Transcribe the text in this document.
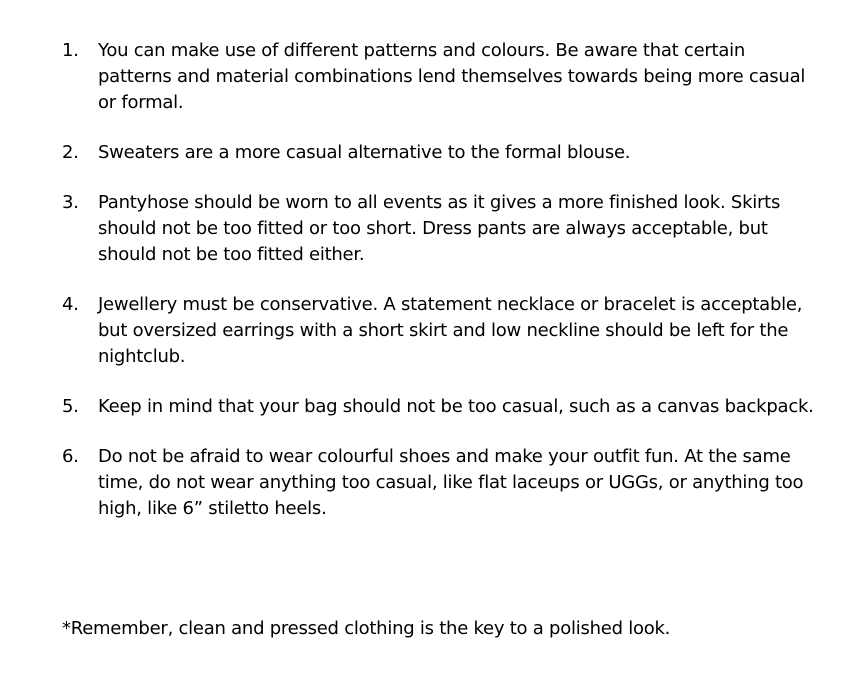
1. You can make use of different patterns and colours. Be aware that certain patterns and material combinations lend themselves towards being more casual or formal.
2. Sweaters are a more casual alternative to the formal blouse.
3. Pantyhose should be worn to all events as it gives a more finished look. Skirts should not be too fitted or too short. Dress pants are always acceptable, but should not be too fitted either.
4. Jewellery must be conservative. A statement necklace or bracelet is acceptable, but oversized earrings with a short skirt and low neckline should be left for the nightclub.
5. Keep in mind that your bag should not be too casual, such as a canvas backpack.
6. Do not be afraid to wear colourful shoes and make your outfit fun. At the same time, do not wear anything too casual, like flat laceups or UGGs, or anything too high, like 6” stiletto heels.

*Remember, clean and pressed clothing is the key to a polished look.
